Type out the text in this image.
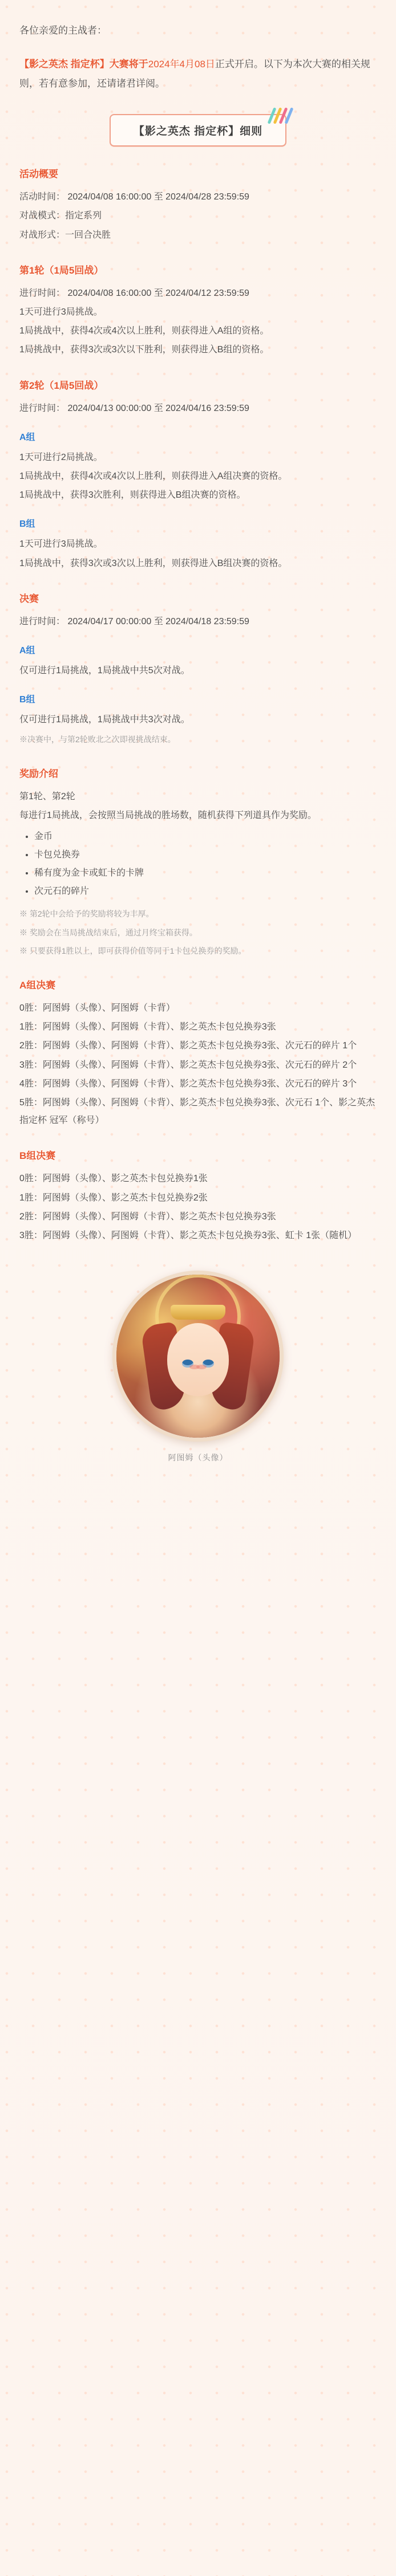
各位亲爱的主战者：

【影之英杰 指定杯】大赛将于2024年4月08日正式开启。以下为本次大赛的相关规则，若有意参加，还请诸君详阅。

【影之英杰 指定杯】细则
活动概要

活动时间： 2024/04/08 16:00:00 至 2024/04/28 23:59:59

对战模式：指定系列

对战形式：一回合决胜

第1轮（1局5回战）

进行时间： 2024/04/08 16:00:00 至 2024/04/12 23:59:59

1天可进行3局挑战。

1局挑战中，获得4次或4次以上胜利，则获得进入A组的资格。

1局挑战中，获得3次或3次以下胜利，则获得进入B组的资格。

第2轮（1局5回战）

进行时间： 2024/04/13 00:00:00 至 2024/04/16 23:59:59

A组

1天可进行2局挑战。

1局挑战中，获得4次或4次以上胜利，则获得进入A组决赛的资格。

1局挑战中，获得3次胜利，则获得进入B组决赛的资格。

B组

1天可进行3局挑战。

1局挑战中，获得3次或3次以上胜利，则获得进入B组决赛的资格。

决赛

进行时间： 2024/04/17 00:00:00 至 2024/04/18 23:59:59

A组

仅可进行1局挑战，1局挑战中共5次对战。

B组

仅可进行1局挑战，1局挑战中共3次对战。

※决赛中，与第2轮败北之次即视挑战结束。

奖励介绍

第1轮、第2轮

每进行1局挑战，会按照当局挑战的胜场数，随机获得下列道具作为奖励。

• 金币
• 卡包兑换券
• 稀有度为金卡或虹卡的卡牌
• 次元石的碎片

※ 第2轮中会给予的奖励将较为丰厚。

※ 奖励会在当局挑战结束后，通过月终宝箱获得。

※ 只要获得1胜以上，即可获得价值等同于1卡包兑换券的奖励。

A组决赛

0胜：阿图姆（头像）、阿图姆（卡背）

1胜：阿图姆（头像）、阿图姆（卡背）、影之英杰卡包兑换券3张

2胜：阿图姆（头像）、阿图姆（卡背）、影之英杰卡包兑换券3张、次元石的碎片 1个

3胜：阿图姆（头像）、阿图姆（卡背）、影之英杰卡包兑换券3张、次元石的碎片 2个

4胜：阿图姆（头像）、阿图姆（卡背）、影之英杰卡包兑换券3张、次元石的碎片 3个

5胜：阿图姆（头像）、阿图姆（卡背）、影之英杰卡包兑换券3张、次元石 1个、影之英杰 指定杯 冠军（称号）

B组决赛

0胜：阿图姆（头像）、影之英杰卡包兑换券1张

1胜：阿图姆（头像）、影之英杰卡包兑换券2张

2胜：阿图姆（头像）、阿图姆（卡背）、影之英杰卡包兑换券3张

3胜：阿图姆（头像）、阿图姆（卡背）、影之英杰卡包兑换券3张、虹卡 1张（随机）

阿图姆（头像）
